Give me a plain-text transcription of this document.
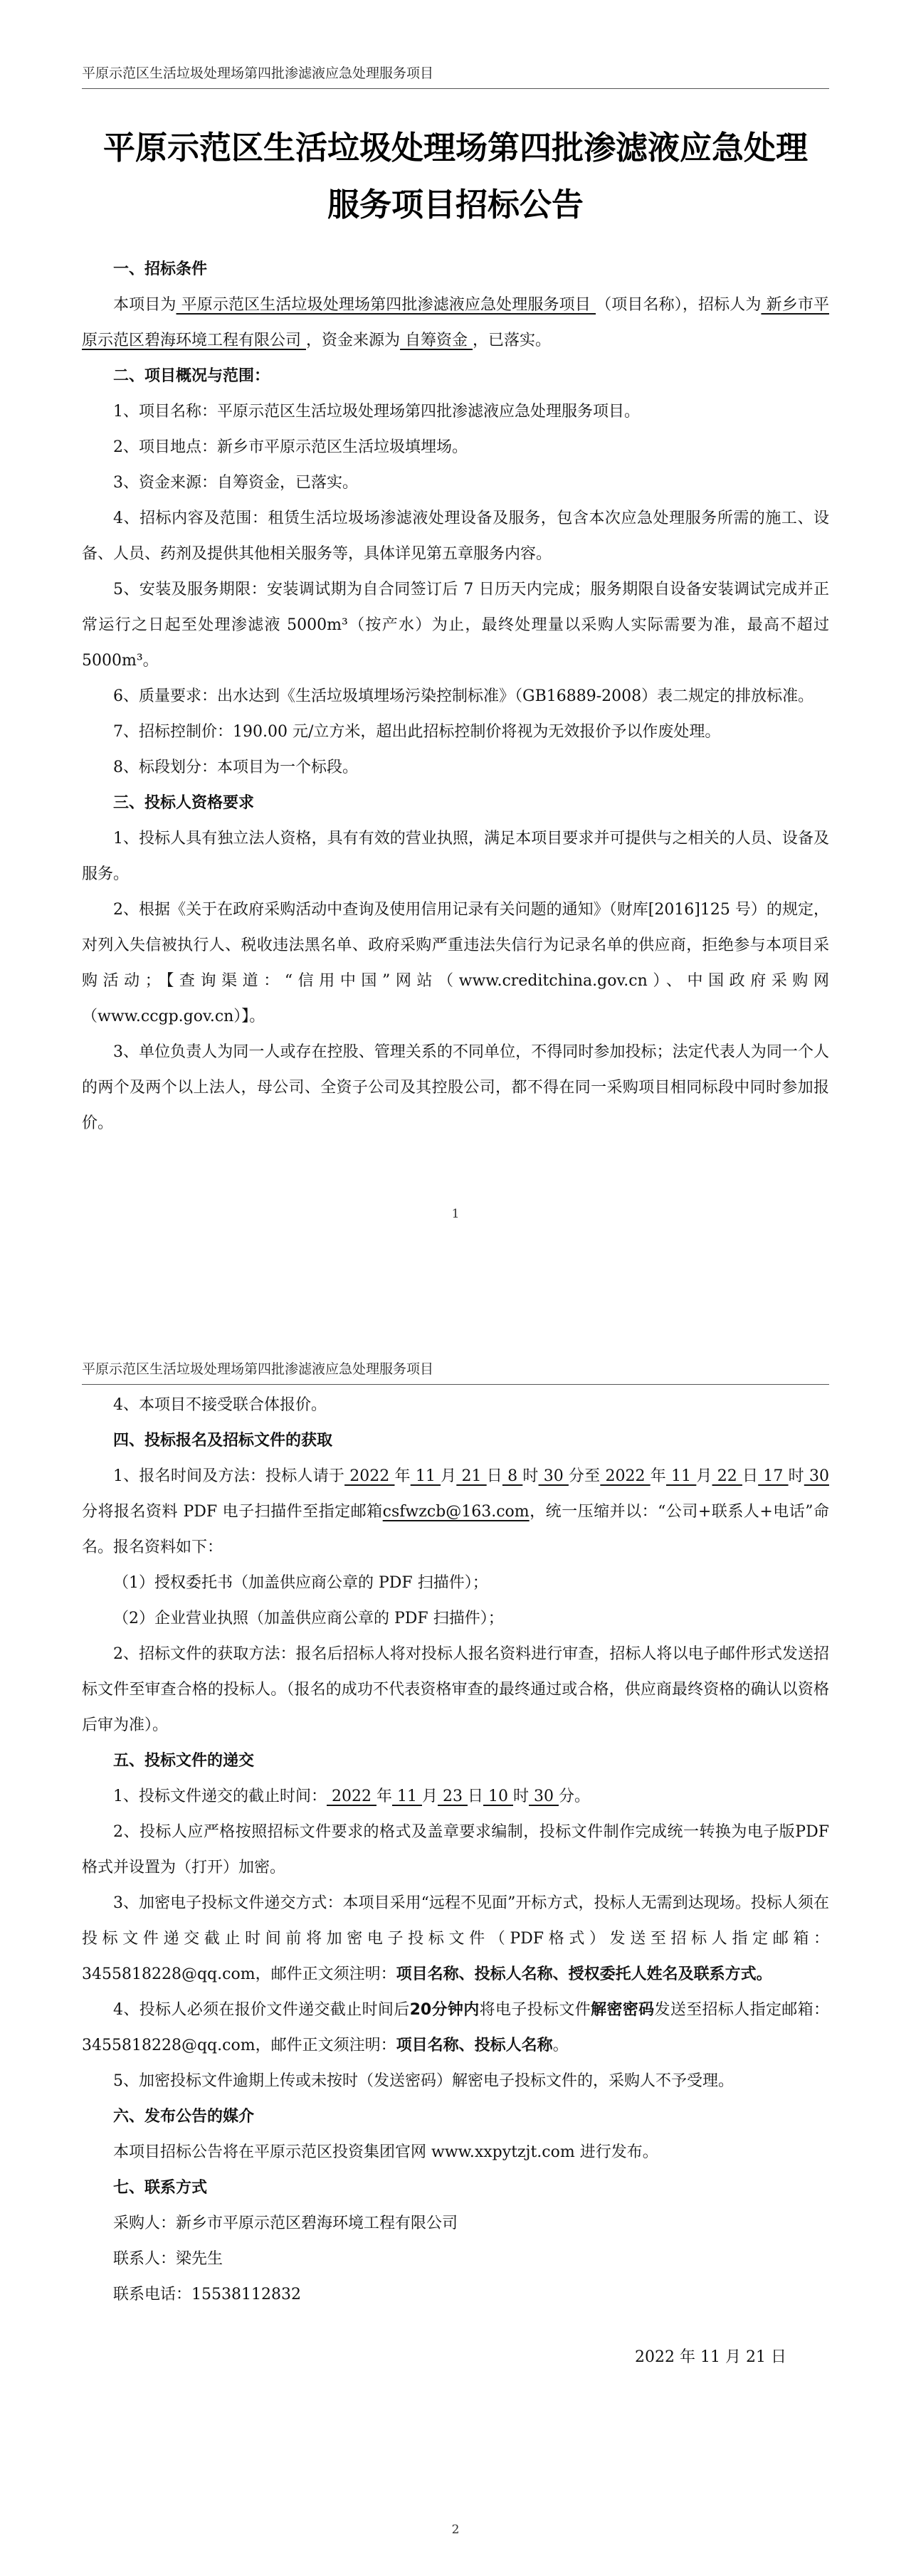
平原示范区生活垃圾处理场第四批渗滤液应急处理服务项目
平原示范区生活垃圾处理场第四批渗滤液应急处理
服务项目招标公告
一、招标条件
本项目为 平原示范区生活垃圾处理场第四批渗滤液应急处理服务项目 （项目名称），招标人为 新乡市平原示范区碧海环境工程有限公司 ，资金来源为 自筹资金 ，已落实。
二、项目概况与范围：
1、项目名称：平原示范区生活垃圾处理场第四批渗滤液应急处理服务项目。
2、项目地点：新乡市平原示范区生活垃圾填埋场。
3、资金来源：自筹资金，已落实。
4、招标内容及范围：租赁生活垃圾场渗滤液处理设备及服务，包含本次应急处理服务所需的施工、设备、人员、药剂及提供其他相关服务等，具体详见第五章服务内容。
5、安装及服务期限：安装调试期为自合同签订后 7 日历天内完成；服务期限自设备安装调试完成并正常运行之日起至处理渗滤液 5000m³（按产水）为止，最终处理量以采购人实际需要为准，最高不超过 5000m³。
6、质量要求：出水达到《生活垃圾填埋场污染控制标准》（GB16889-2008）表二规定的排放标准。
7、招标控制价：190.00 元/立方米，超出此招标控制价将视为无效报价予以作废处理。
8、标段划分：本项目为一个标段。
三、投标人资格要求
1、投标人具有独立法人资格，具有有效的营业执照，满足本项目要求并可提供与之相关的人员、设备及服务。
2、根据《关于在政府采购活动中查询及使用信用记录有关问题的通知》（财库[2016]125 号）的规定，对列入失信被执行人、税收违法黑名单、政府采购严重违法失信行为记录名单的供应商，拒绝参与本项目采购活动；【查询渠道：“信用中国”网站（www.creditchina.gov.cn）、中国政府采购网（www.ccgp.gov.cn）】。
3、单位负责人为同一人或存在控股、管理关系的不同单位，不得同时参加投标；法定代表人为同一个人的两个及两个以上法人，母公司、全资子公司及其控股公司，都不得在同一采购项目相同标段中同时参加报价。
1
平原示范区生活垃圾处理场第四批渗滤液应急处理服务项目
4、本项目不接受联合体报价。
四、投标报名及招标文件的获取
1、报名时间及方法：投标人请于 2022 年 11 月 21 日 8 时 30 分至 2022 年 11 月 22 日 17 时 30 分将报名资料 PDF 电子扫描件至指定邮箱csfwzcb@163.com，统一压缩并以：“公司+联系人+电话”命名。报名资料如下：
（1）授权委托书（加盖供应商公章的 PDF 扫描件）；
（2）企业营业执照（加盖供应商公章的 PDF 扫描件）；
2、招标文件的获取方法：报名后招标人将对投标人报名资料进行审查，招标人将以电子邮件形式发送招标文件至审查合格的投标人。（报名的成功不代表资格审查的最终通过或合格，供应商最终资格的确认以资格后审为准）。
五、投标文件的递交
1、投标文件递交的截止时间： 2022 年 11 月 23 日 10 时 30 分。
2、投标人应严格按照招标文件要求的格式及盖章要求编制，投标文件制作完成统一转换为电子版PDF格式并设置为（打开）加密。
3、加密电子投标文件递交方式：本项目采用“远程不见面”开标方式，投标人无需到达现场。投标人须在投标文件递交截止时间前将加密电子投标文件（PDF格式）发送至招标人指定邮箱：3455818228@qq.com，邮件正文须注明：项目名称、投标人名称、授权委托人姓名及联系方式。
4、投标人必须在报价文件递交截止时间后20分钟内将电子投标文件解密密码发送至招标人指定邮箱：3455818228@qq.com，邮件正文须注明：项目名称、投标人名称。
5、加密投标文件逾期上传或未按时（发送密码）解密电子投标文件的，采购人不予受理。
六、发布公告的媒介
本项目招标公告将在平原示范区投资集团官网 www.xxpytzjt.com 进行发布。
七、联系方式
采购人：新乡市平原示范区碧海环境工程有限公司
联系人：梁先生
联系电话：15538112832
2022 年 11 月 21 日
2
